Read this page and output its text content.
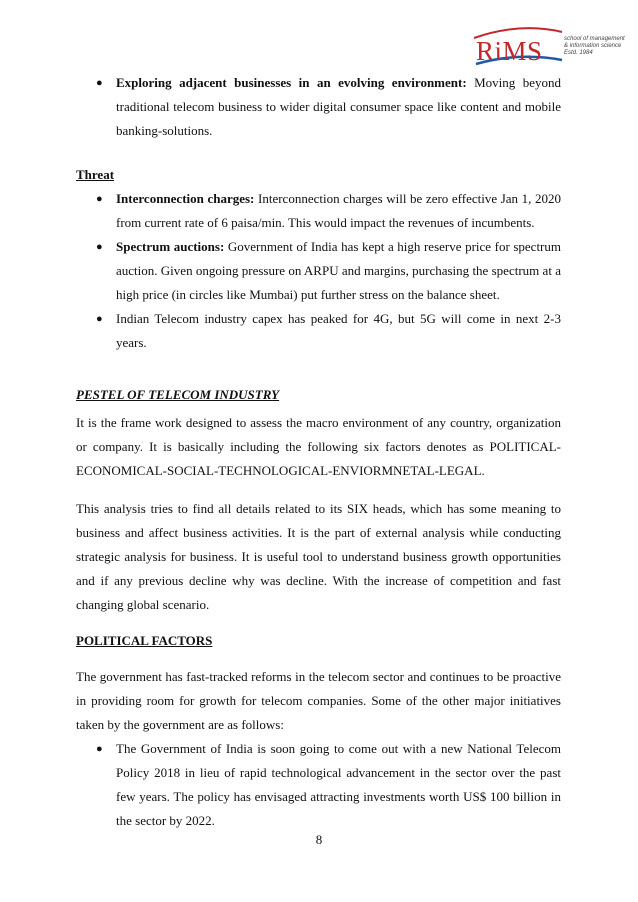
RiMS	school of management
& information science
Estd. 1984
● Exploring adjacent businesses in an evolving environment: Moving beyond traditional telecom business to wider digital consumer space like content and mobile banking-solutions.
Threat
● Interconnection charges: Interconnection charges will be zero effective Jan 1, 2020 from current rate of 6 paisa/min. This would impact the revenues of incumbents.
● Spectrum auctions: Government of India has kept a high reserve price for spectrum auction. Given ongoing pressure on ARPU and margins, purchasing the spectrum at a high price (in circles like Mumbai) put further stress on the balance sheet.
● Indian Telecom industry capex has peaked for 4G, but 5G will come in next 2-3 years.
PESTEL OF TELECOM INDUSTRY
It is the frame work designed to assess the macro environment of any country, organization or company. It is basically including the following six factors denotes as POLITICAL-ECONOMICAL-SOCIAL-TECHNOLOGICAL-ENVIORMNETAL-LEGAL.
This analysis tries to find all details related to its SIX heads, which has some meaning to business and affect business activities. It is the part of external analysis while conducting strategic analysis for business. It is useful tool to understand business growth opportunities and if any previous decline why was decline. With the increase of competition and fast changing global scenario.
POLITICAL FACTORS
The government has fast-tracked reforms in the telecom sector and continues to be proactive in providing room for growth for telecom companies. Some of the other major initiatives taken by the government are as follows:
● The Government of India is soon going to come out with a new National Telecom Policy 2018 in lieu of rapid technological advancement in the sector over the past few years. The policy has envisaged attracting investments worth US$ 100 billion in the sector by 2022.
8
